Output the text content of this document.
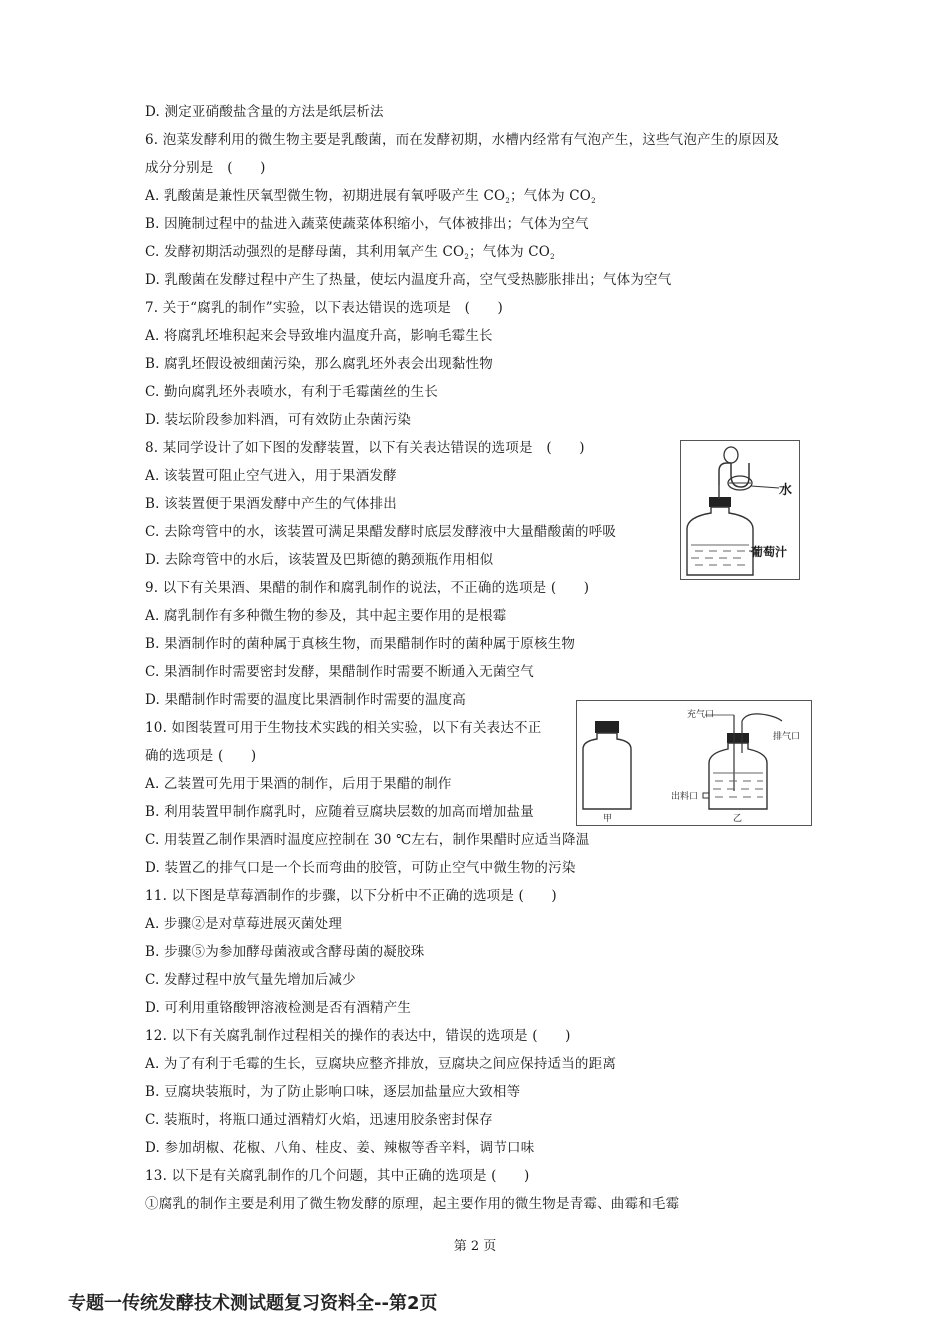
D. 测定亚硝酸盐含量的方法是纸层析法
6. 泡菜发酵利用的微生物主要是乳酸菌，而在发酵初期，水槽内经常有气泡产生，这些气泡产生的原因及
成分分别是　(　　)
A. 乳酸菌是兼性厌氧型微生物，初期进展有氧呼吸产生 $CO_2$；气体为 $CO_2$
B. 因腌制过程中的盐进入蔬菜使蔬菜体积缩小，气体被排出；气体为空气
C. 发酵初期活动强烈的是酵母菌，其利用氧产生 $CO_2$；气体为 $CO_2$
D. 乳酸菌在发酵过程中产生了热量，使坛内温度升高，空气受热膨胀排出；气体为空气
7. 关于“腐乳的制作”实验，以下表达错误的选项是　(　　)
A. 将腐乳坯堆积起来会导致堆内温度升高，影响毛霉生长
B. 腐乳坯假设被细菌污染，那么腐乳坯外表会出现黏性物
C. 勤向腐乳坯外表喷水，有利于毛霉菌丝的生长
D. 装坛阶段参加料酒，可有效防止杂菌污染
8. 某同学设计了如下图的发酵装置，以下有关表达错误的选项是　(　　)
A. 该装置可阻止空气进入，用于果酒发酵
B. 该装置便于果酒发酵中产生的气体排出
C. 去除弯管中的水，该装置可满足果醋发酵时底层发酵液中大量醋酸菌的呼吸
D. 去除弯管中的水后，该装置及巴斯德的鹅颈瓶作用相似
9. 以下有关果酒、果醋的制作和腐乳制作的说法，不正确的选项是 (　　)
A. 腐乳制作有多种微生物的参及，其中起主要作用的是根霉
B. 果酒制作时的菌种属于真核生物，而果醋制作时的菌种属于原核生物
C. 果酒制作时需要密封发酵，果醋制作时需要不断通入无菌空气
D. 果醋制作时需要的温度比果酒制作时需要的温度高
10. 如图装置可用于生物技术实践的相关实验，以下有关表达不正
确的选项是 (　　)
A. 乙装置可先用于果酒的制作，后用于果醋的制作
B. 利用装置甲制作腐乳时，应随着豆腐块层数的加高而增加盐量
C. 用装置乙制作果酒时温度应控制在 30 ℃左右，制作果醋时应适当降温
D. 装置乙的排气口是一个长而弯曲的胶管，可防止空气中微生物的污染
11. 以下图是草莓酒制作的步骤，以下分析中不正确的选项是 (　　)
A. 步骤②是对草莓进展灭菌处理
B. 步骤⑤为参加酵母菌液或含酵母菌的凝胶珠
C. 发酵过程中放气量先增加后减少
D. 可利用重铬酸钾溶液检测是否有酒精产生
12. 以下有关腐乳制作过程相关的操作的表达中，错误的选项是 (　　)
A. 为了有利于毛霉的生长，豆腐块应整齐排放，豆腐块之间应保持适当的距离
B. 豆腐块装瓶时，为了防止影响口味，逐层加盐量应大致相等
C. 装瓶时，将瓶口通过酒精灯火焰，迅速用胶条密封保存
D. 参加胡椒、花椒、八角、桂皮、姜、辣椒等香辛料，调节口味
13. 以下是有关腐乳制作的几个问题，其中正确的选项是 (　　)
①腐乳的制作主要是利用了微生物发酵的原理，起主要作用的微生物是青霉、曲霉和毛霉
水
葡萄汁
充气口
排气口
出料口
甲	乙
第 2 页
专题一传统发酵技术测试题复习资料全--第2页
